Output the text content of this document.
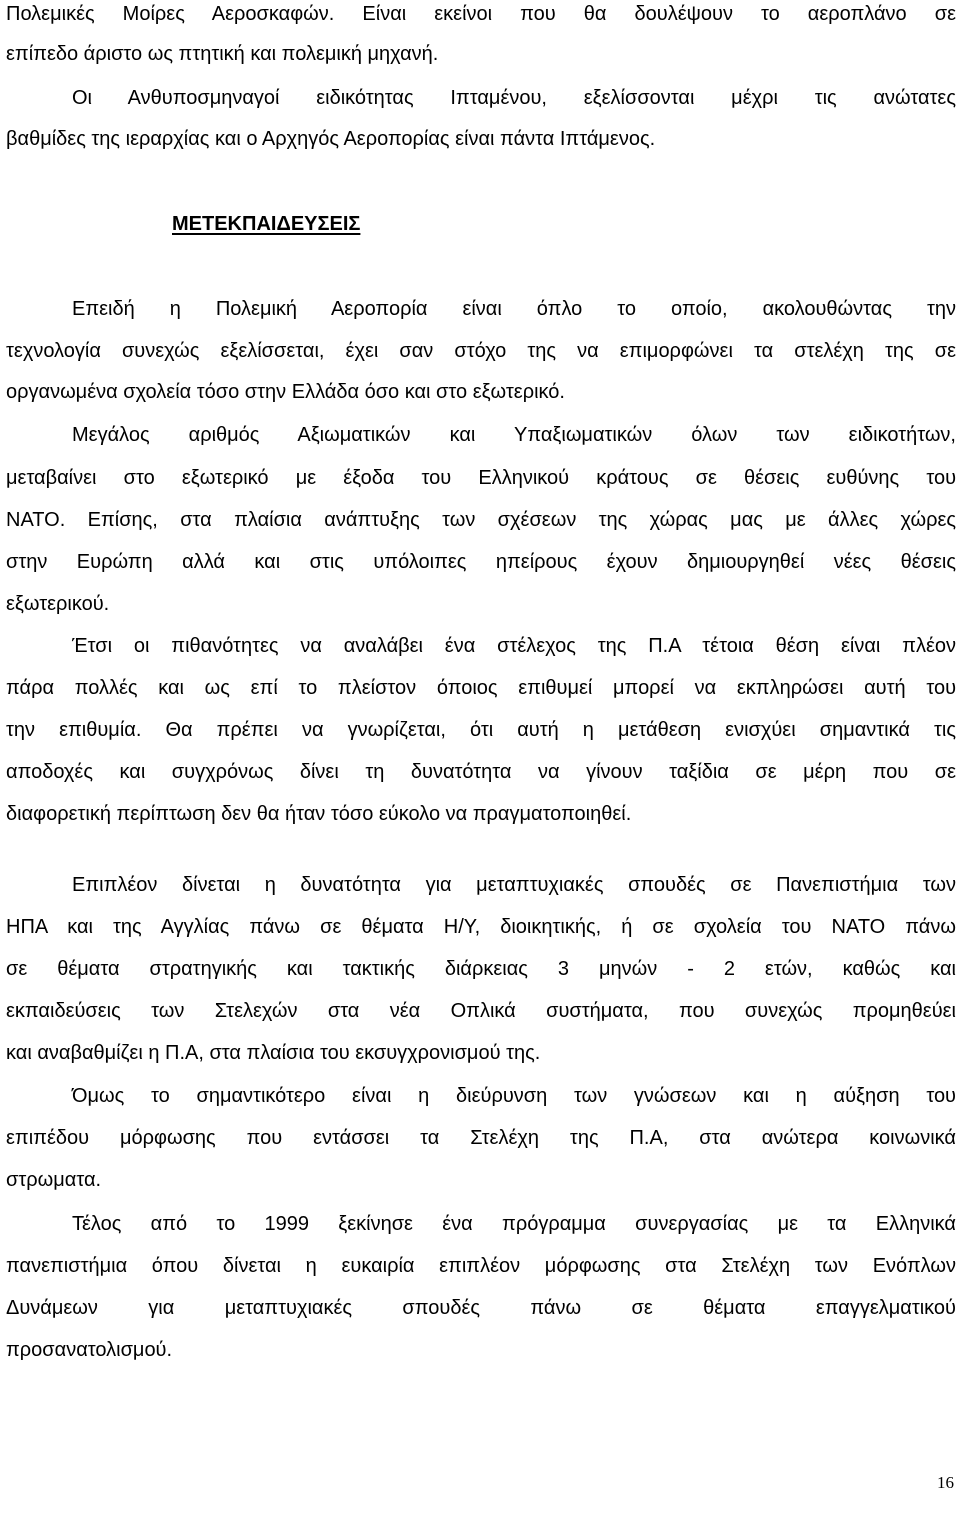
Πολεμικές Μοίρες Αεροσκαφών. Είναι εκείνοι που θα δουλέψουν το αεροπλάνο σε
επίπεδο άριστο ως πτητική και πολεμική μηχανή.
Οι Ανθυποσμηναγοί ειδικότητας Ιπταμένου, εξελίσσονται μέχρι τις ανώτατες
βαθμίδες της ιεραρχίας και ο Αρχηγός Αεροπορίας είναι πάντα Ιπτάμενος.
ΜΕΤΕΚΠΑΙΔΕΥΣΕΙΣ
Επειδή η Πολεμική Αεροπορία είναι όπλο το οποίο, ακολουθώντας την
τεχνολογία συνεχώς εξελίσσεται, έχει σαν στόχο της να επιμορφώνει τα στελέχη της σε
οργανωμένα σχολεία τόσο στην Ελλάδα όσο και στο εξωτερικό.
Μεγάλος αριθμός Αξιωματικών και Υπαξιωματικών όλων των ειδικοτήτων,
μεταβαίνει στο εξωτερικό με έξοδα του Ελληνικού κράτους σε θέσεις ευθύνης του
ΝΑΤΟ. Επίσης, στα πλαίσια ανάπτυξης των σχέσεων της χώρας μας με άλλες χώρες
στην Ευρώπη αλλά και στις υπόλοιπες ηπείρους έχουν δημιουργηθεί νέες θέσεις
εξωτερικού.
Έτσι οι πιθανότητες να αναλάβει ένα στέλεχος της Π.Α τέτοια θέση είναι πλέον
πάρα πολλές και ως επί το πλείστον όποιος επιθυμεί μπορεί να εκπληρώσει αυτή του
την επιθυμία. Θα πρέπει να γνωρίζεται, ότι αυτή η μετάθεση ενισχύει σημαντικά τις
αποδοχές και συγχρόνως δίνει τη δυνατότητα να γίνουν ταξίδια σε μέρη που σε
διαφορετική περίπτωση δεν θα ήταν τόσο εύκολο να πραγματοποιηθεί.
Επιπλέον δίνεται η δυνατότητα για μεταπτυχιακές σπουδές σε Πανεπιστήμια των
ΗΠΑ και της Αγγλίας πάνω σε θέματα Η/Υ, διοικητικής, ή σε σχολεία του ΝΑΤΟ πάνω
σε θέματα στρατηγικής και τακτικής διάρκειας 3 μηνών - 2 ετών, καθώς και
εκπαιδεύσεις των Στελεχών στα νέα Οπλικά συστήματα, που συνεχώς προμηθεύει
και αναβαθμίζει η Π.Α, στα πλαίσια του εκσυγχρονισμού της.
Όμως το σημαντικότερο είναι η διεύρυνση των γνώσεων και η αύξηση του
επιπέδου μόρφωσης που εντάσσει τα Στελέχη της Π.Α, στα ανώτερα κοινωνικά
στρωματα.
Τέλος από το 1999 ξεκίνησε ένα πρόγραμμα συνεργασίας με τα Ελληνικά
πανεπιστήμια όπου δίνεται η ευκαιρία επιπλέον μόρφωσης στα Στελέχη των Ενόπλων
Δυνάμεων για μεταπτυχιακές σπουδές πάνω σε θέματα επαγγελματικού
προσανατολισμού.
16
